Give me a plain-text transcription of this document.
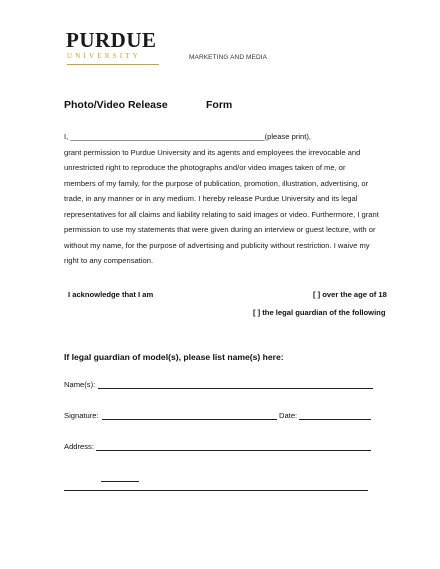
PURDUE
UNIVERSITY	MARKETING AND MEDIA
Photo/Video Release	Form
I, ______________________________________________(please print),
grant permission to Purdue University and its agents and employees the irrevocable and
unrestricted right to reproduce the photographs and/or video images taken of me, or
members of my family, for the purpose of publication, promotion, illustration, advertising, or
trade, in any manner or in any medium. I hereby release Purdue University and its legal
representatives for all claims and liability relating to said images or video. Furthermore, I grant
permission to use my statements that were given during an interview or guest lecture, with or
without my name, for the purpose of advertising and publicity without restriction. I waive my
right to any compensation.
I acknowledge that I am	[ ] over the age of 18
[ ] the legal guardian of the following
If legal guardian of model(s), please list name(s) here:
Name(s):
Signature:	Date:
Address:
